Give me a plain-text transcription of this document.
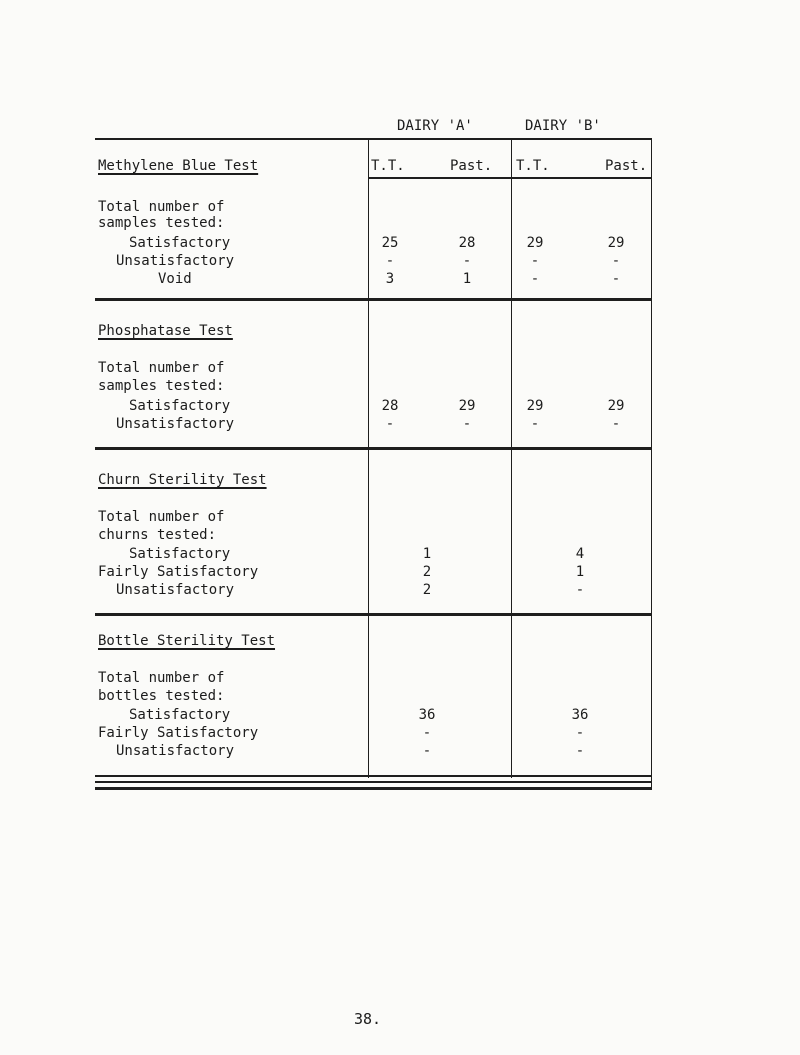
DAIRY 'A'	DAIRY 'B'
Methylene Blue Test	T.T.	Past. T.T.	Past.
Total number of
samples tested:
Satisfactory	25	28	29	29
Unsatisfactory	-	-	-	-
Void	3	1	-	-
Phosphatase Test
Total number of
samples tested:
Satisfactory	28	29	29	29
Unsatisfactory	-	-	-	-
Churn Sterility Test
Total number of
churns tested:
Satisfactory	1	4
Fairly Satisfactory	2	1
Unsatisfactory	2	-
Bottle Sterility Test
Total number of
bottles tested:
Satisfactory	36	36
Fairly Satisfactory	-	-
Unsatisfactory	-	-
38.
